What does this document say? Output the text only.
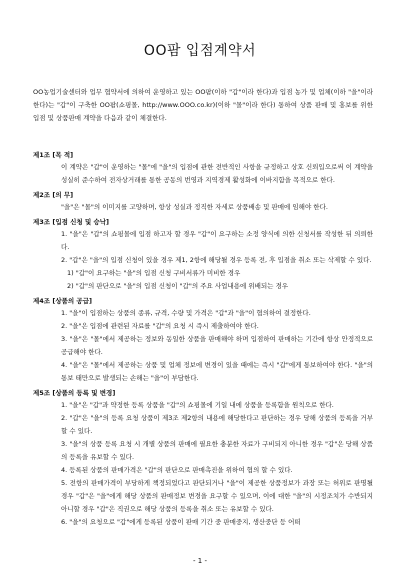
OO팜 입점계약서
OO농업기술센터와 업무 협약서에 의하여 운영하고 있는 OO팜(이하 "갑"이라 한다)과 입점 농가 및 업체(이하 "을"이라 한다)는 "갑"이 구축한 OO팜(쇼핑몰, http://www.OOO.co.kr)(이하 "몰"이라 한다) 통하여 상품 판매 및 홍보를 위한 입점 및 상품판매 계약을 다음과 같이 체결한다.
제1조 [목 적]
이 계약은 "갑"이 운영하는 "몰"에 "을"의 입점에 관한 전반적인 사항을 규정하고 상호 신뢰입으로써 이 계약을 성실히 준수하여 전자상거래를 통한 공동의 번영과 지역경제 활성화에 이바지함을 목적으로 한다.
제2조 [의 무]
"을"은 "몰"의 이미지를 고양하며, 항상 성실과 정직한 자세로 상품배송 및 판매에 임해야 한다.
제3조 [입점 신청 및 승낙]
1. "을"은 "갑"의 쇼핑몰에 입점 하고자 할 경우 "갑"이 요구하는 소정 양식에 의한 신청서를 작성한 뒤 의뢰한다.
2. "갑"은 "을"의 입점 신청이 있을 경우 제1, 2항에 해당될 경우 등록 전, 후 입점을 취소 또는 삭제할 수 있다.
1) "갑"이 요구하는 "을"의 입점 신청 구비서류가 미비한 경우
2) "갑"의 판단으로 "을"의 입점 신청이 "갑"의 주요 사업내용에 위배되는 경우
제4조 [상품의 공급]
1. "을"이 입점하는 상품의 종류, 규격, 수량 및 가격은 "갑"과 "을"이 협의하여 결정한다.
2. "을"은 입점에 관련된 자료를 "갑"의 요청 시 즉시 제출하여야 한다.
3. "을"은 "몰"에서 제공하는 정보와 동일한 상품을 판매해야 하며 입점하여 판매하는 기간에 항상 안정적으로 공급해야 한다.
4. "을"은 "몰"에서 제공하는 상품 및 업체 정보에 변경이 있을 때에는 즉시 "갑"에게 통보하여야 한다. "을"의 통보 태만으로 발생되는 손해는 "을"이 부담한다.
제5조 [상품의 등록 및 변경]
1. "을"은 "갑"과 약정한 등록 상품을 "갑"의 쇼핑몰에 기일 내에 상품을 등록함을 원칙으로 한다.
2. "갑"은 "을"의 등록 요청 상품이 제3조 제2항의 내용에 해당한다고 판단하는 경우 당해 상품의 등록을 거부할 수 있다.
3. "을"의 상품 등록 요청 시 개별 상품의 판매에 필요한 충분한 자료가 구비되지 아니한 경우 "갑"은 당해 상품의 등록을 유보할 수 있다.
4. 등록된 상품의 판매가격은 "갑"의 판단으로 판매촉진을 위하여 협의 할 수 있다.
5. 전항의 판매가격이 부당하게 책정되었다고 판단되거나 "을"이 제공한 상품정보가 과장 또는 허위로 판명될 경우 "갑"은 "을"에게 해당 상품의 판매정보 변경을 요구할 수 있으며, 이에 대한 "을"의 시정조치가 수반되지 아니할 경우 "갑"은 직권으로 해당 상품의 등록을 취소 또는 유보할 수 있다.
6. "을"의 요청으로 "갑"에게 등록된 상품이 판매 기간 중 판매중지, 생산중단 등 어떠
- 1 -
